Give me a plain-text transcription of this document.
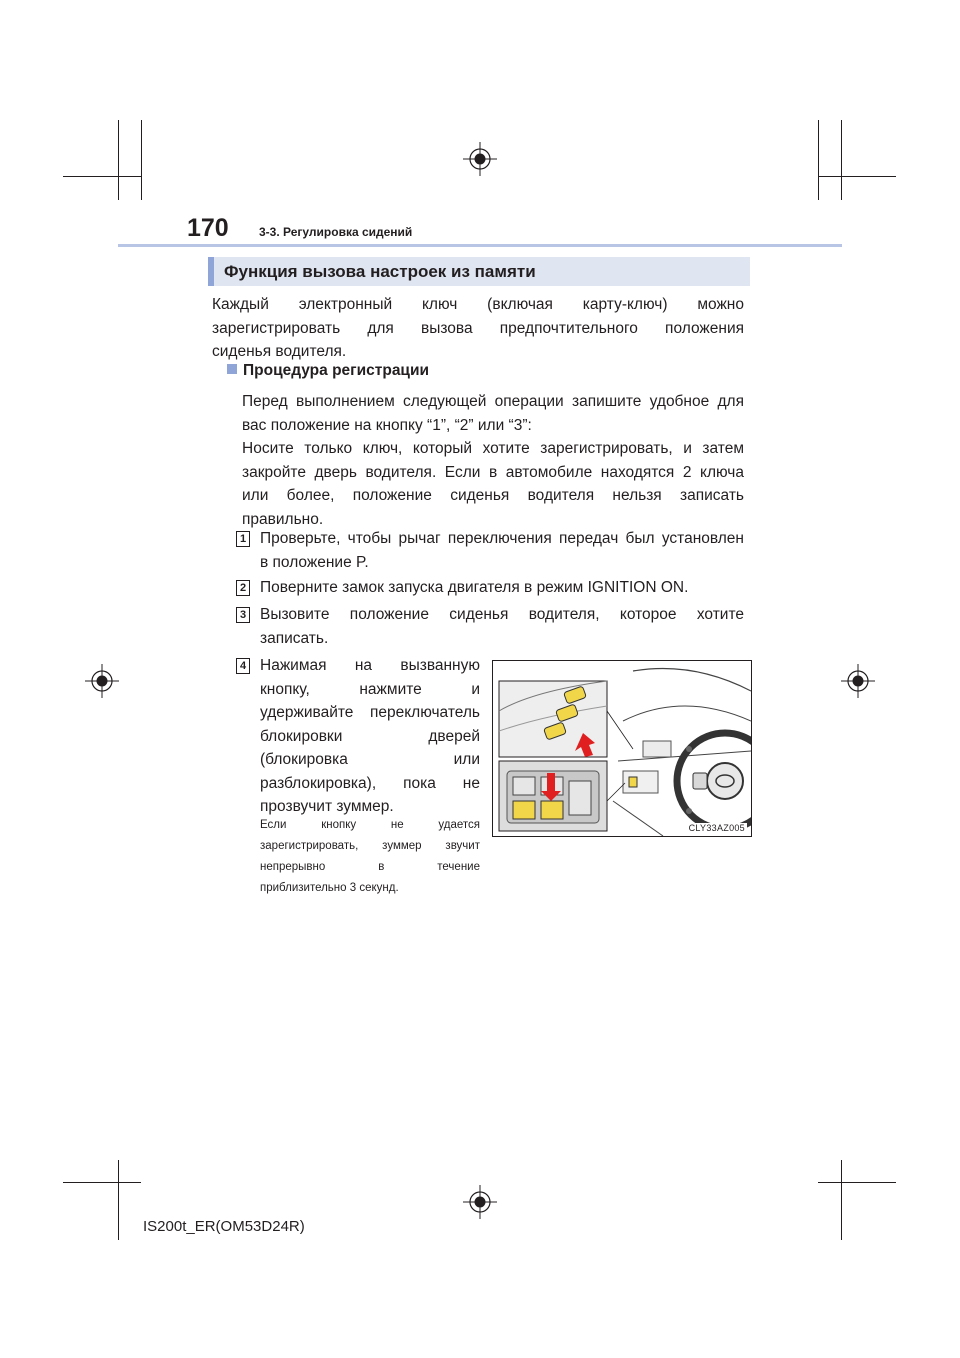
170	3-3. Регулировка сидений
Функция вызова настроек из памяти
Каждый электронный ключ (включая карту-ключ) можно
зарегистрировать для вызова предпочтительного положения
сиденья водителя.
Процедура регистрации
Перед выполнением следующей операции запишите удобное для
вас положение на кнопку “1”, “2” или “3”:
Носите только ключ, который хотите зарегистрировать, и затем
закройте дверь водителя. Если в автомобиле находятся 2 ключа
или более, положение сиденья водителя нельзя записать
правильно.
1 Проверьте, чтобы рычаг переключения передач был установлен
в положение P.
2 Поверните замок запуска двигателя в режим IGNITION ON.
3 Вызовите положение сиденья водителя, которое хотите
записать.
4 Нажимая на вызванную
кнопку, нажмите и
удерживайте переключатель
блокировки дверей
(блокировка или
разблокировка), пока не
прозвучит зуммер.
Если кнопку не удается
зарегистрировать, зуммер звучит
непрерывно в течение
приблизительно 3 секунд.
CLY33AZ005
IS200t_ER(OM53D24R)
